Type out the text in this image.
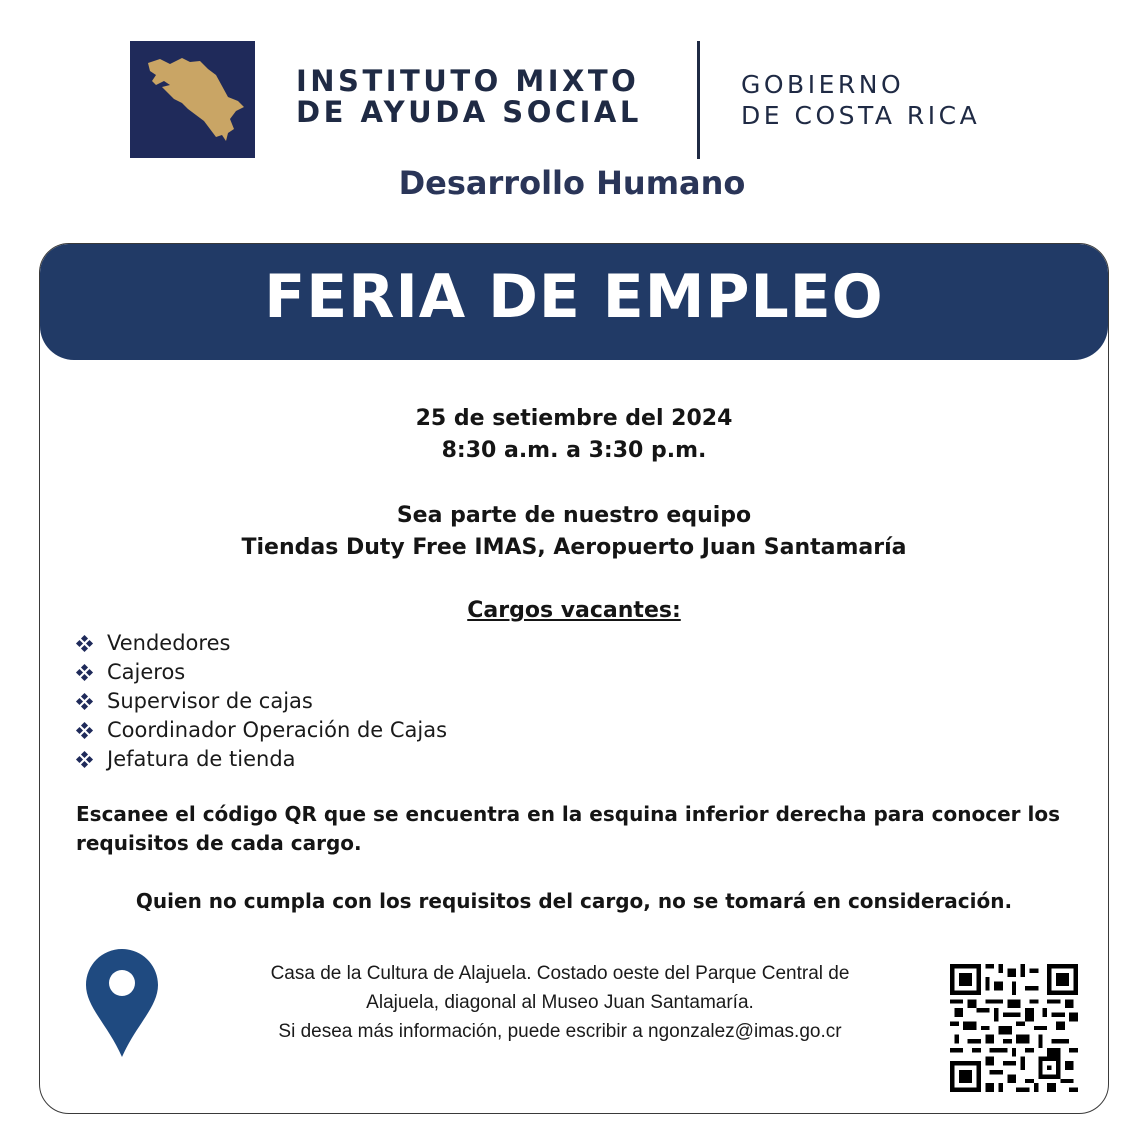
INSTITUTO MIXTO
DE AYUDA SOCIAL
GOBIERNO
DE COSTA RICA
Desarrollo Humano
FERIA DE EMPLEO
25 de setiembre del 2024
8:30 a.m. a 3:30 p.m.
Sea parte de nuestro equipo
Tiendas Duty Free IMAS, Aeropuerto Juan Santamaría
Cargos vacantes:
Vendedores
Cajeros
Supervisor de cajas
Coordinador Operación de Cajas
Jefatura de tienda
Escanee el código QR que se encuentra en la esquina inferior derecha para conocer los requisitos de cada cargo.
Quien no cumpla con los requisitos del cargo, no se tomará en consideración.
Casa de la Cultura de Alajuela. Costado oeste del Parque Central de
Alajuela, diagonal al Museo Juan Santamaría.
Si desea más información, puede escribir a ngonzalez@imas.go.cr
